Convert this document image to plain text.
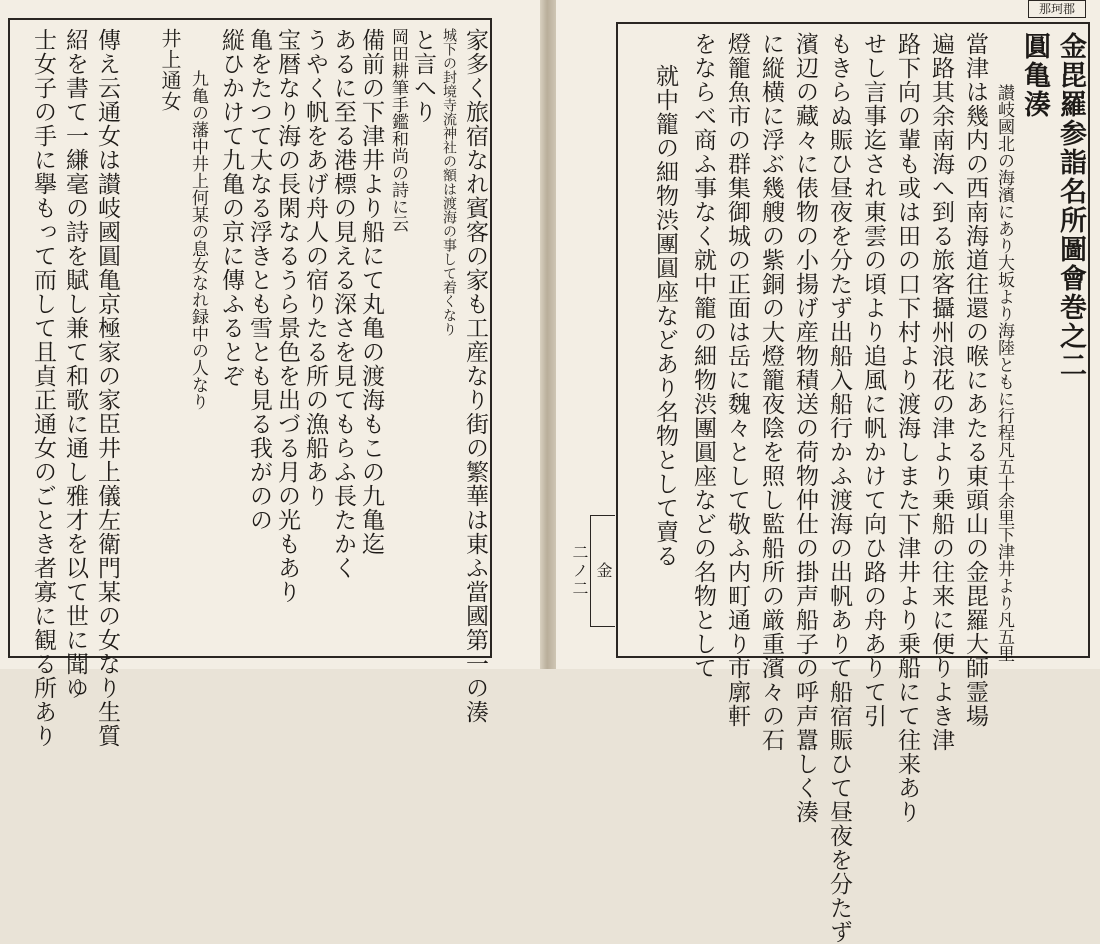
家多く旅宿なれ賓客の家も工産なり街の繁華は東ふ當國第一の湊
城下の封境寺流神社の額は渡海の事して着くなり
と言へり
岡田耕筆手鑑和尚の詩に云
備前の下津井より船にて丸亀の渡海もこの九亀迄
あるに至る港標の見える深さを見てもらふ長たかく
うやく帆をあげ舟人の宿りたる所の漁船あり
宝暦なり海の長閑なるうら景色を出づる月の光もあり
亀をたつて大なる浮きとも雪とも見る我がのの
縦ひかけて九亀の京に傳ふるとぞ
九亀の藩中井上何某の息女なれ録中の人なり
井上通女
傳え云通女は讃岐國圓亀京極家の家臣井上儀左衛門某の女なり生質
紹を書て一縑毫の詩を賦し兼て和歌に通し雅才を以て世に聞ゆ
士女子の手に擧もって而して且貞正通女のごとき者寡に観る所あり
那珂郡
金毘羅参詣名所圖會巻之二
圓亀湊
讃岐國北の海濱にあり大坂より海陸ともに行程凡五十余里下津井より凡五里
當津は幾内の西南海道往還の喉にあたる東頭山の金毘羅大師霊場
遍路其余南海へ到る旅客攝州浪花の津より乗船の往来に便りよき津
路下向の輩も或は田の口下村より渡海しまた下津井より乗船にて往来あり
せし言事迄され東雲の頃より追風に帆かけて向ひ路の舟ありて引
もきらぬ賑ひ昼夜を分たず出船入船行かふ渡海の出帆ありて船宿賑ひて昼夜を分たず
濱辺の藏々に俵物の小揚げ産物積送の荷物仲仕の掛声船子の呼声囂しく湊
に縦横に浮ぶ幾艘の紫銅の大燈籠夜陰を照し監船所の厳重濱々の石
燈籠魚市の群集御城の正面は岳に魏々として敬ふ内町通り市廓軒
をならべ商ふ事なく就中籠の細物渋團圓座などの名物として
就中籠の細物渋團圓座などあり名物として賣る
金
二ノ二
